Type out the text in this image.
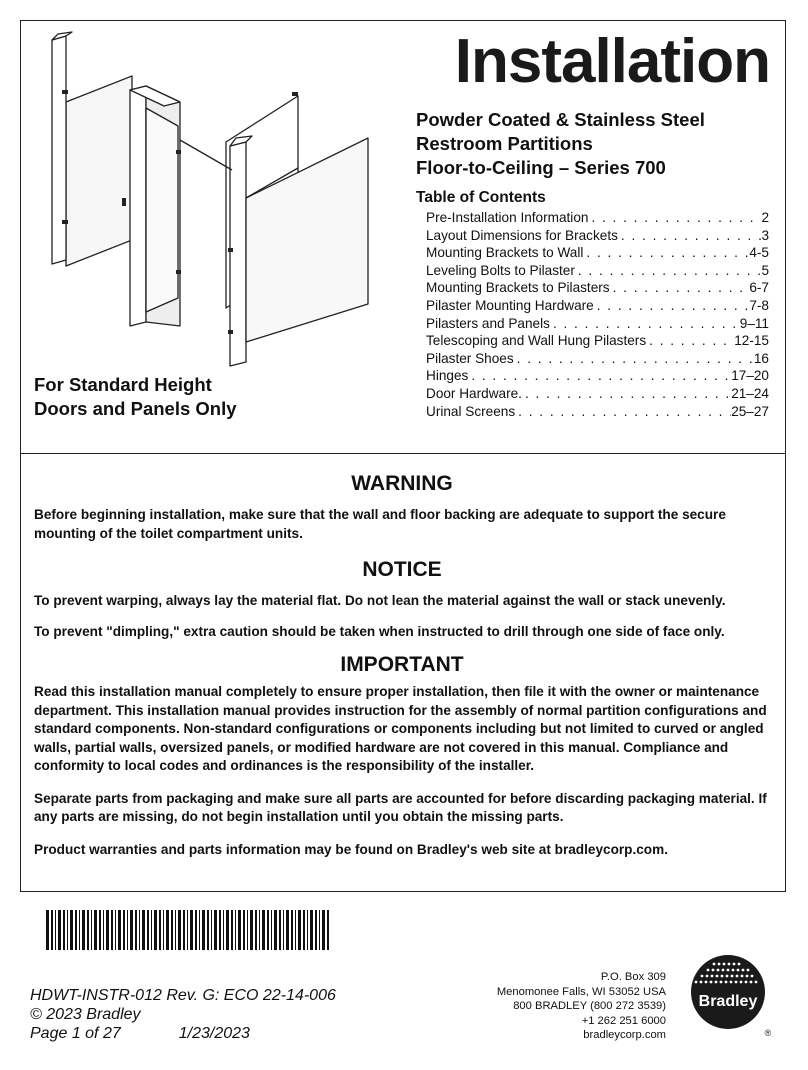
Installation
Powder Coated & Stainless Steel
Restroom Partitions
Floor-to-Ceiling – Series 700
Table of Contents
Pre-Installation Information . . .	2
Layout Dimensions for Brackets . . .	3
Mounting Brackets to Wall . . .	4-5
Leveling Bolts to Pilaster . . .	5
Mounting Brackets to Pilasters . . .	6-7
Pilaster Mounting Hardware . . .	7-8
Pilasters and Panels . . .	9–11
Telescoping and Wall Hung Pilasters . . .	12-15
Pilaster Shoes . . .	16
Hinges . . .	17–20
Door Hardware. . . .	21–24
Urinal Screens . . .	25–27
For Standard Height
Doors and Panels Only
WARNING
Before beginning installation, make sure that the wall and floor backing are adequate to support the secure mounting of the toilet compartment units.
NOTICE
To prevent warping, always lay the material flat. Do not lean the material against the wall or stack unevenly.
To prevent "dimpling," extra caution should be taken when instructed to drill through one side of face only.
IMPORTANT
Read this installation manual completely to ensure proper installation, then file it with the owner or maintenance department. This installation manual provides instruction for the assembly of normal partition configurations and standard components. Non-standard configurations or components including but not limited to curved or angled walls, partial walls, oversized panels, or modified hardware are not covered in this manual. Compliance and conformity to local codes and ordinances is the responsibility of the installer.
Separate parts from packaging and make sure all parts are accounted for before discarding packaging material. If any parts are missing, do not begin installation until you obtain the missing parts.
Product warranties and parts information may be found on Bradley's web site at bradleycorp.com.
HDWT-INSTR-012 Rev. G: ECO 22-14-006
© 2023 Bradley
Page 1 of 27	1/23/2023
P.O. Box 309
Menomonee Falls, WI 53052 USA
800 BRADLEY (800 272 3539)
+1 262 251 6000
bradleycorp.com
Bradley
®
